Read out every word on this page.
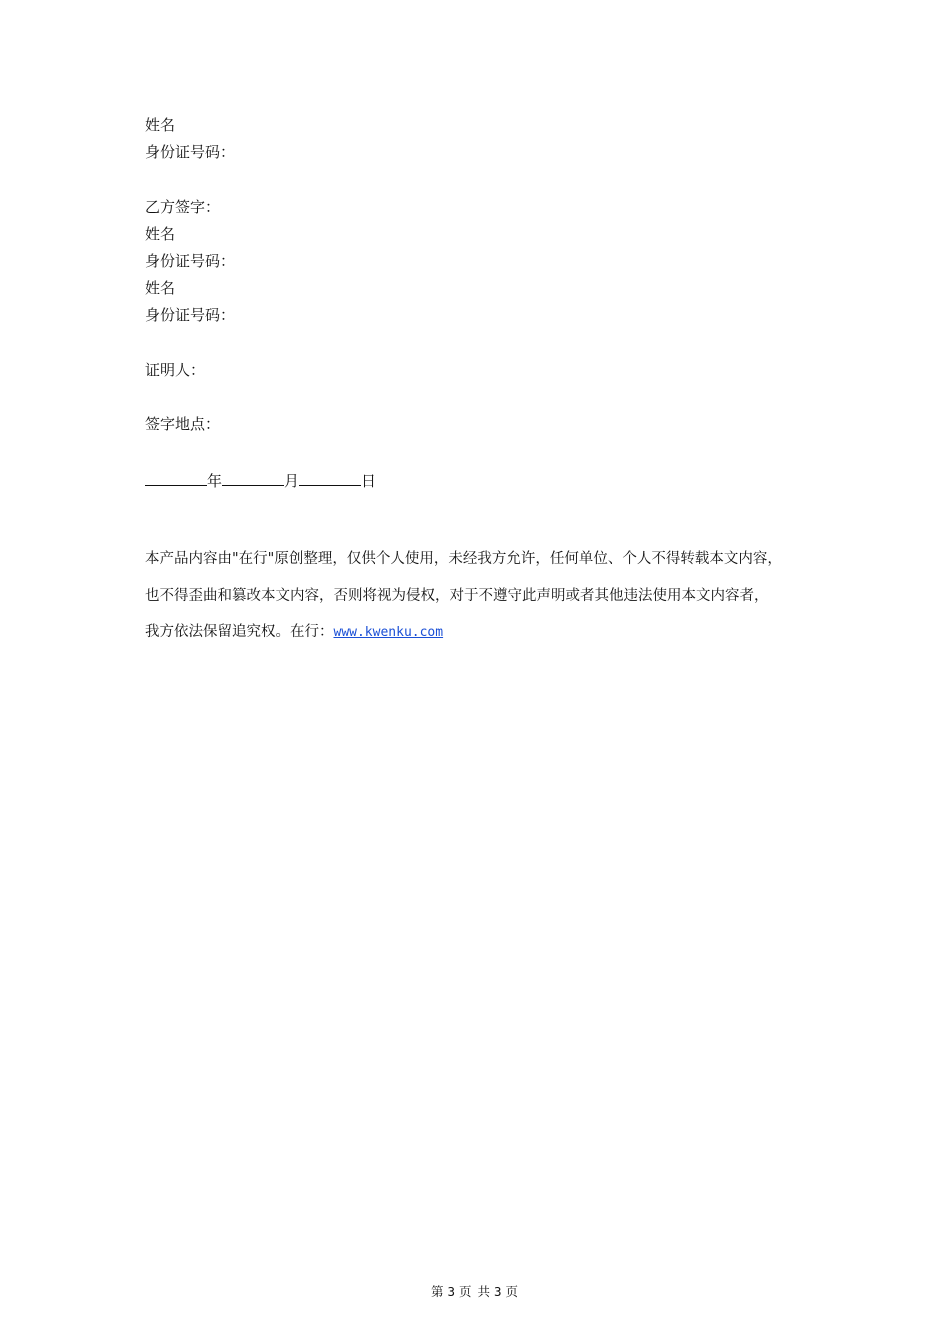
姓名
身份证号码：
乙方签字：
姓名
身份证号码：
姓名
身份证号码：
证明人：
签字地点：
年	月	日
本产品内容由"在行"原创整理，仅供个人使用，未经我方允许，任何单位、个人不得转载本文内容，
也不得歪曲和篡改本文内容，否则将视为侵权，对于不遵守此声明或者其他违法使用本文内容者，
我方依法保留追究权。在行：www.kwenku.com
第 3 页 共 3 页
